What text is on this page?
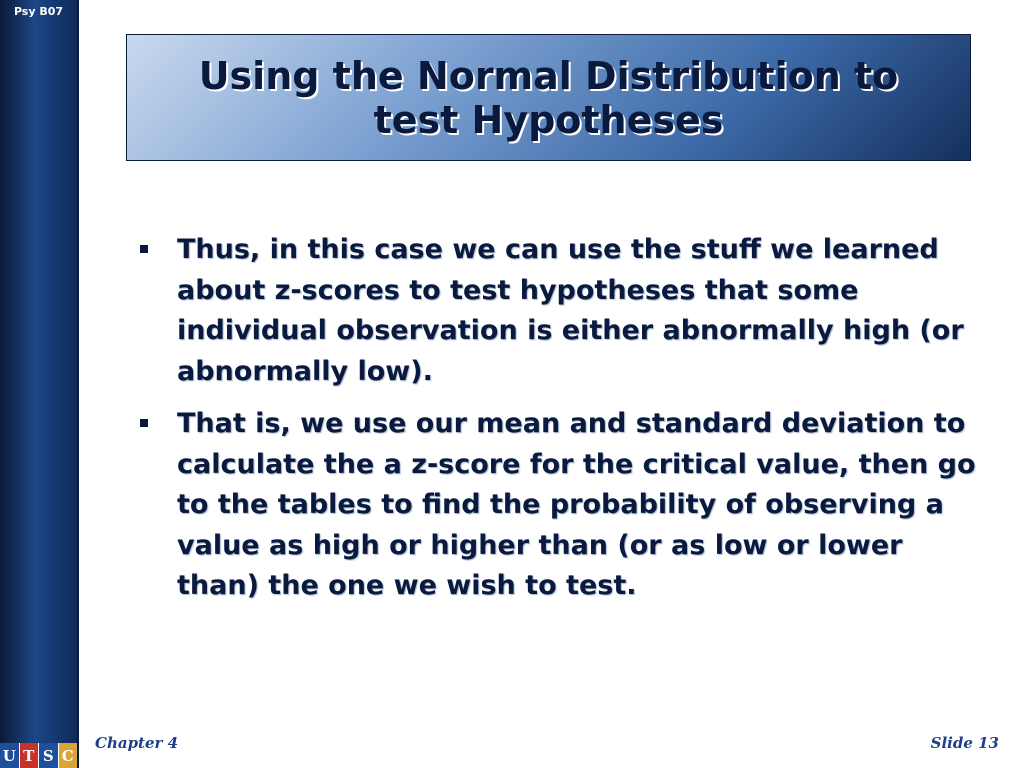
Psy B07
U T S C
Using the Normal Distribution to
test Hypotheses
Thus, in this case we can use the stuff we learned about z-scores to test hypotheses that some individual observation is either abnormally high (or abnormally low).
That is, we use our mean and standard deviation to calculate the a z-score for the critical value, then go to the tables to find the probability of observing a value as high or higher than (or as low or lower than) the one we wish to test.
Chapter 4	Slide 13
